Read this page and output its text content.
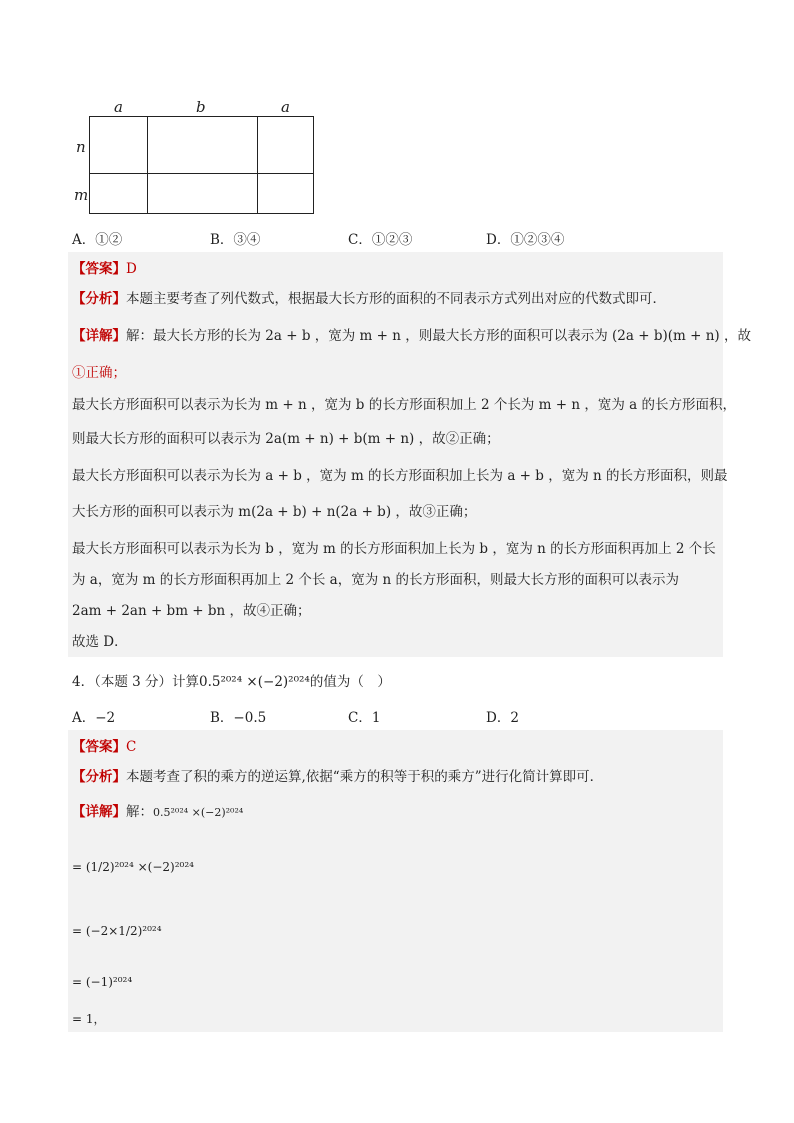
a	b	a
n
m
A．①②	B．③④	C．①②③	D．①②③④
【答案】D
【分析】本题主要考查了列代数式，根据最大长方形的面积的不同表示方式列出对应的代数式即可．
【详解】解：最大长方形的长为 2a + b ，宽为 m + n ，则最大长方形的面积可以表示为 (2a + b)(m + n) ，故
①正确；
最大长方形面积可以表示为长为 m + n ，宽为 b 的长方形面积加上 2 个长为 m + n ，宽为 a 的长方形面积，
则最大长方形的面积可以表示为 2a(m + n) + b(m + n) ，故②正确；
最大长方形面积可以表示为长为 a + b ，宽为 m 的长方形面积加上长为 a + b ，宽为 n 的长方形面积，则最
大长方形的面积可以表示为 m(2a + b) + n(2a + b) ，故③正确；
最大长方形面积可以表示为长为 b ，宽为 m 的长方形面积加上长为 b ，宽为 n 的长方形面积再加上 2 个长
为 a，宽为 m 的长方形面积再加上 2 个长 a，宽为 n 的长方形面积，则最大长方形的面积可以表示为
2am + 2an + bm + bn ，故④正确；
故选 D．
4．（本题 3 分）计算0.5²⁰²⁴ ×(−2)²⁰²⁴的值为（　）
A．−2	B．−0.5	C．1	D．2
【答案】C
【分析】本题考查了积的乘方的逆运算,依据“乘方的积等于积的乘方”进行化简计算即可．
【详解】解：0.5²⁰²⁴ ×(−2)²⁰²⁴
= (1/2)²⁰²⁴ ×(−2)²⁰²⁴
= (−2×1/2)²⁰²⁴
= (−1)²⁰²⁴
= 1，
